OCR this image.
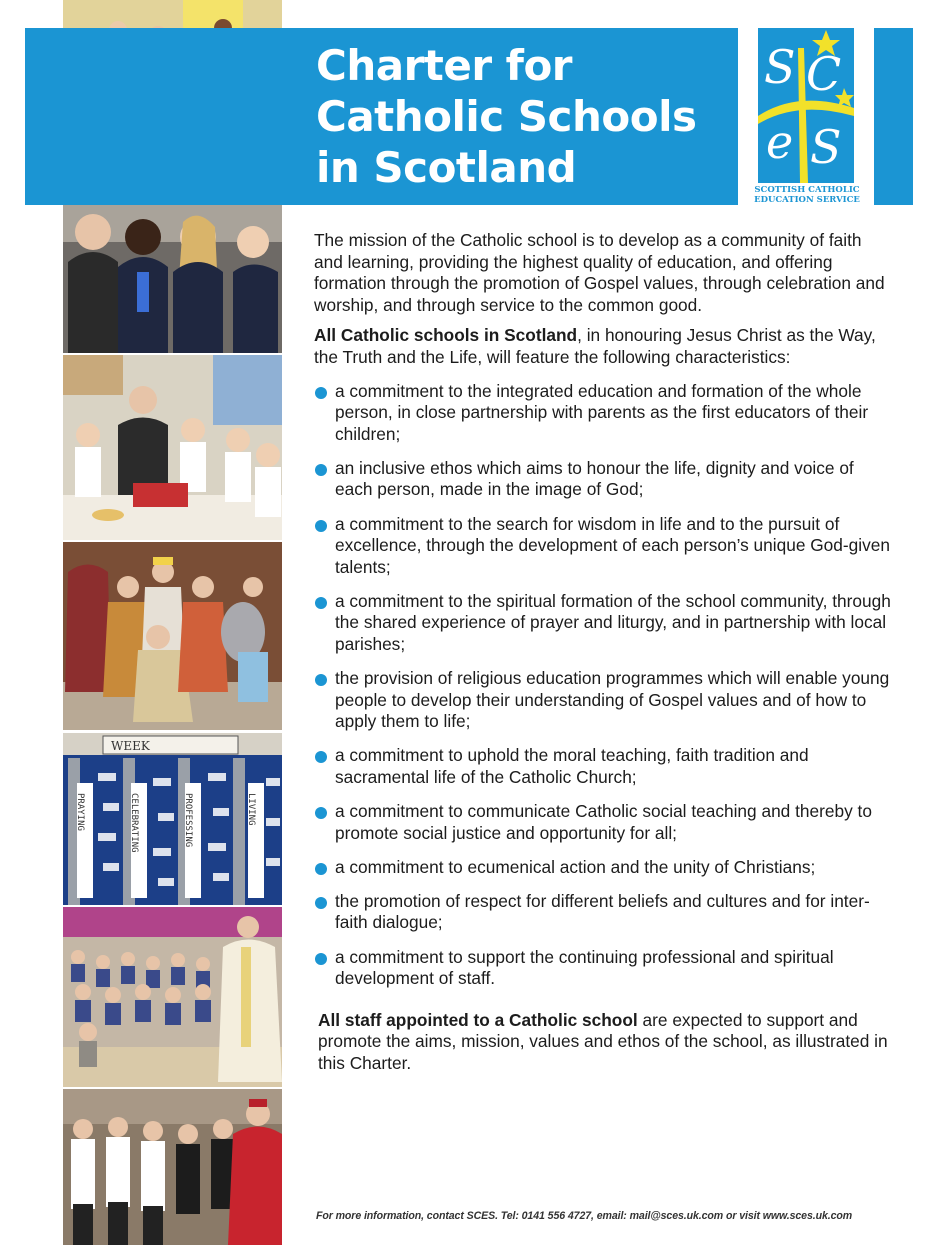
WEEK
PRAYING	CELEBRATING	PROFESSING	LIVING
Charter for
Catholic Schools
in Scotland
S C
e S
SCOTTISH CATHOLIC
EDUCATION SERVICE

The mission of the Catholic school is to develop as a community of faith and learning, providing the highest quality of education, and offering formation through the promotion of Gospel values, through celebration and worship, and through service to the common good.

All Catholic schools in Scotland, in honouring Jesus Christ as the Way, the Truth and the Life, will feature the following characteristics:

a commitment to the integrated education and formation of the whole person, in close partnership with parents as the first educators of their children;
an inclusive ethos which aims to honour the life, dignity and voice of each person, made in the image of God;
a commitment to the search for wisdom in life and to the pursuit of excellence, through the development of each person’s unique God-given talents;
a commitment to the spiritual formation of the school community, through the shared experience of prayer and liturgy, and in partnership with local parishes;
the provision of religious education programmes which will enable young people to develop their understanding of Gospel values and of how to apply them to life;
a commitment to uphold the moral teaching, faith tradition and sacramental life of the Catholic Church;
a commitment to communicate Catholic social teaching and thereby to promote social justice and opportunity for all;
a commitment to ecumenical action and the unity of Christians;
the promotion of respect for different beliefs and cultures and for inter-faith dialogue;
a commitment to support the continuing professional and spiritual development of staff.

All staff appointed to a Catholic school are expected to support and promote the aims, mission, values and ethos of the school, as illustrated in this Charter.

For more information, contact SCES. Tel: 0141 556 4727, email: mail@sces.uk.com or visit www.sces.uk.com
